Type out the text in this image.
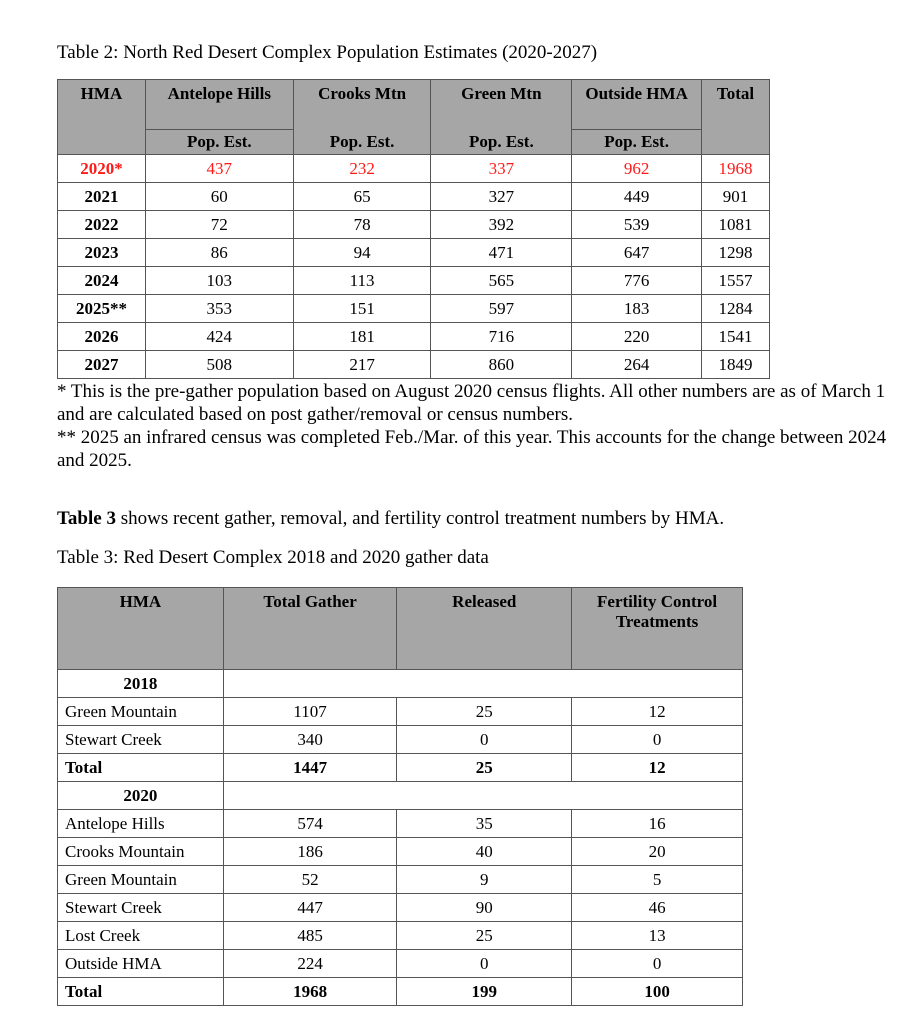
Table 2: North Red Desert Complex Population Estimates (2020-2027)
HMA	Antelope Hills	Crooks Mtn	Green Mtn	Outside HMA	Total
	Pop. Est.	Pop. Est.	Pop. Est.	Pop. Est.	
2020*	437	232	337	962	1968
2021	60	65	327	449	901
2022	72	78	392	539	1081
2023	86	94	471	647	1298
2024	103	113	565	776	1557
2025**	353	151	597	183	1284
2026	424	181	716	220	1541
2027	508	217	860	264	1849

* This is the pre-gather population based on August 2020 census flights. All other numbers are as of March 1 and are calculated based on post gather/removal or census numbers.

** 2025 an infrared census was completed Feb./Mar. of this year. This accounts for the change between 2024 and 2025.

Table 3 shows recent gather, removal, and fertility control treatment numbers by HMA.
Table 3: Red Desert Complex 2018 and 2020 gather data
HMA	Total Gather	Released	Fertility Control Treatments
2018			
Green Mountain	1107	25	12
Stewart Creek	340	0	0
Total	1447	25	12
2020			
Antelope Hills	574	35	16
Crooks Mountain	186	40	20
Green Mountain	52	9	5
Stewart Creek	447	90	46
Lost Creek	485	25	13
Outside HMA	224	0	0
Total	1968	199	100
